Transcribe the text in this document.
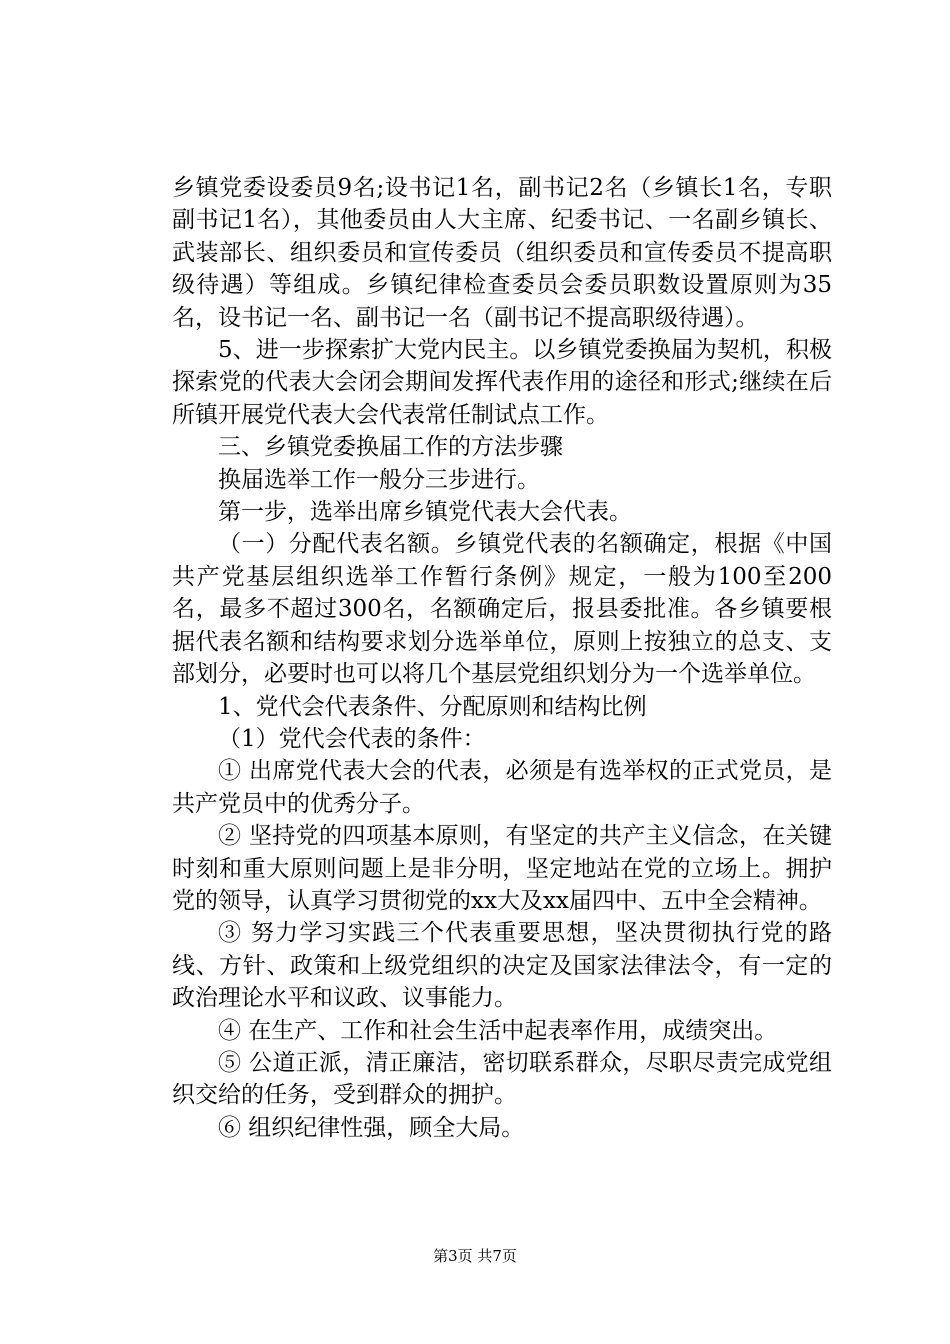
乡镇党委设委员9名;设书记1名，副书记2名（乡镇长1名，专职副书记1名），其他委员由人大主席、纪委书记、一名副乡镇长、武装部长、组织委员和宣传委员（组织委员和宣传委员不提高职级待遇）等组成。乡镇纪律检查委员会委员职数设置原则为35名，设书记一名、副书记一名（副书记不提高职级待遇）。

5、进一步探索扩大党内民主。以乡镇党委换届为契机，积极探索党的代表大会闭会期间发挥代表作用的途径和形式;继续在后所镇开展党代表大会代表常任制试点工作。

三、乡镇党委换届工作的方法步骤

换届选举工作一般分三步进行。

第一步，选举出席乡镇党代表大会代表。

（一）分配代表名额。乡镇党代表的名额确定，根据《中国共产党基层组织选举工作暂行条例》规定，一般为100至200名，最多不超过300名，名额确定后，报县委批准。各乡镇要根据代表名额和结构要求划分选举单位，原则上按独立的总支、支部划分，必要时也可以将几个基层党组织划分为一个选举单位。

1、党代会代表条件、分配原则和结构比例

（1）党代会代表的条件：

① 出席党代表大会的代表，必须是有选举权的正式党员，是共产党员中的优秀分子。

② 坚持党的四项基本原则，有坚定的共产主义信念，在关键时刻和重大原则问题上是非分明，坚定地站在党的立场上。拥护党的领导，认真学习贯彻党的xx大及xx届四中、五中全会精神。

③ 努力学习实践三个代表重要思想，坚决贯彻执行党的路线、方针、政策和上级党组织的决定及国家法律法令，有一定的政治理论水平和议政、议事能力。

④ 在生产、工作和社会生活中起表率作用，成绩突出。

⑤ 公道正派，清正廉洁，密切联系群众，尽职尽责完成党组织交给的任务，受到群众的拥护。

⑥ 组织纪律性强，顾全大局。

第3页 共7页
